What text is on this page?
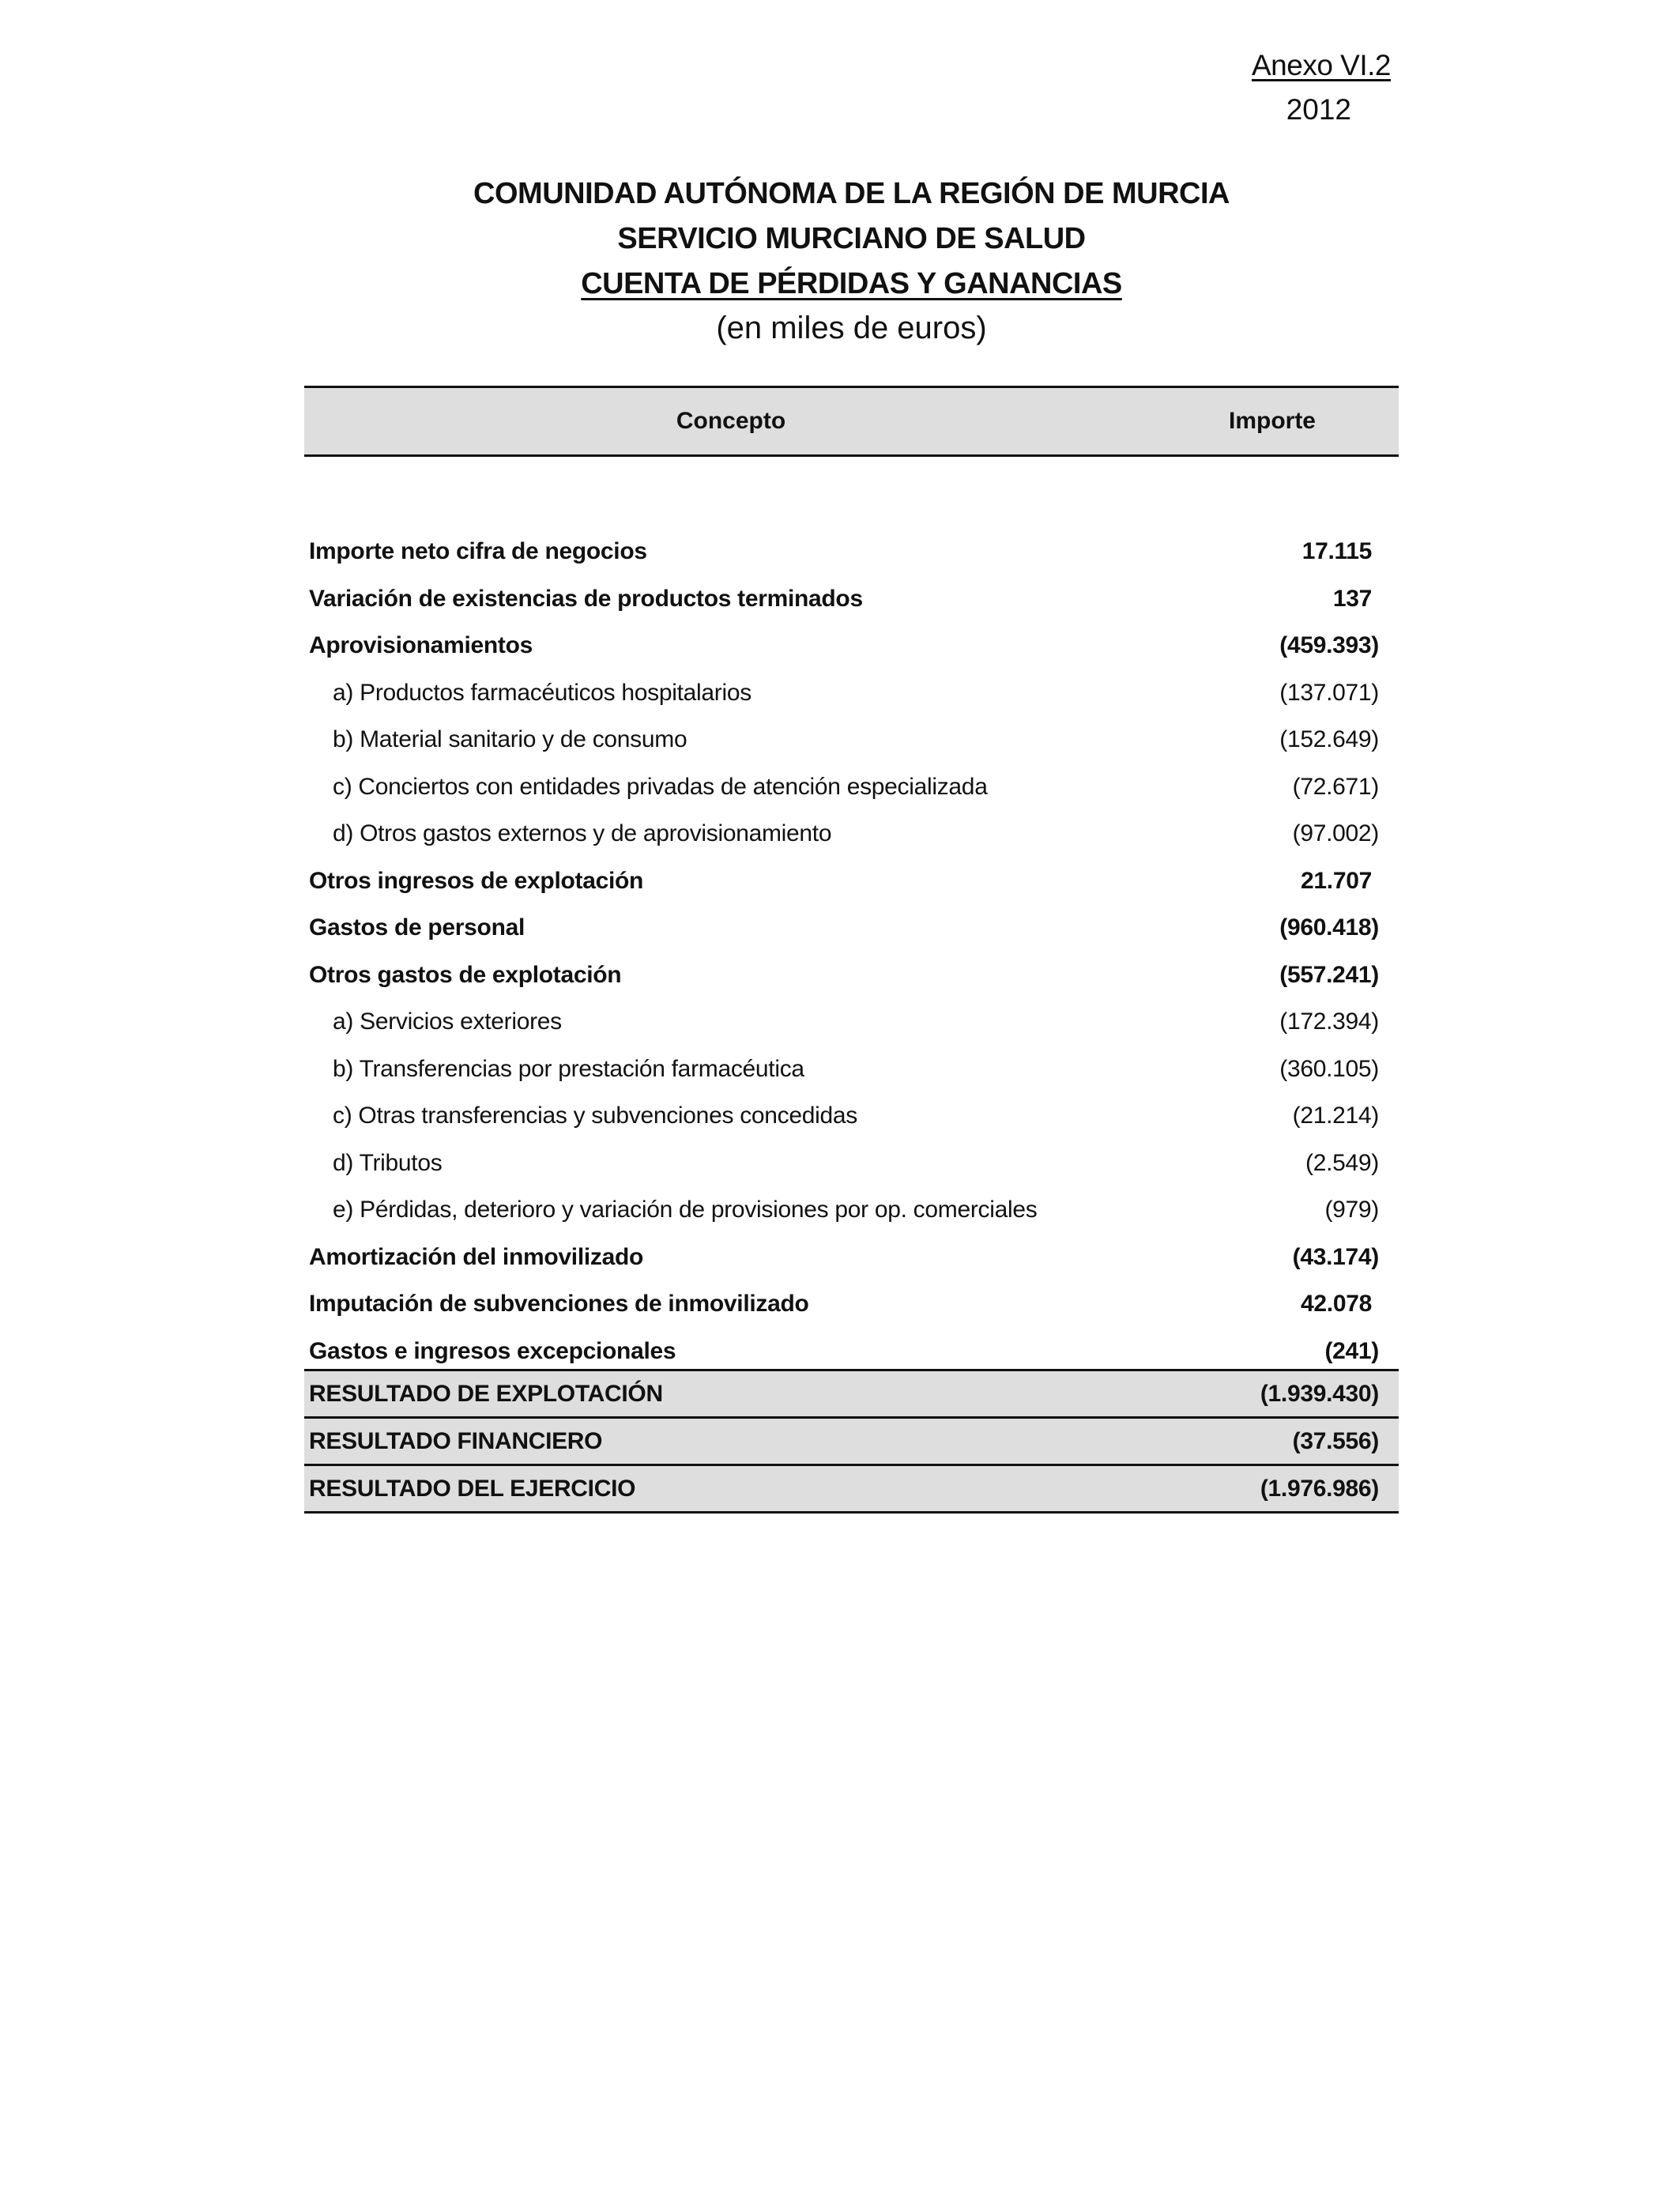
Anexo VI.2
2012
COMUNIDAD AUTÓNOMA DE LA REGIÓN DE MURCIA
SERVICIO MURCIANO DE SALUD
CUENTA DE PÉRDIDAS Y GANANCIAS
(en miles de euros)
Concepto	Importe
Importe neto cifra de negocios	17.115
Variación de existencias de productos terminados	137
Aprovisionamientos	(459.393)
a) Productos farmacéuticos hospitalarios	(137.071)
b) Material sanitario y de consumo	(152.649)
c) Conciertos con entidades privadas de atención especializada	(72.671)
d) Otros gastos externos y de aprovisionamiento	(97.002)
Otros ingresos de explotación	21.707
Gastos de personal	(960.418)
Otros gastos de explotación	(557.241)
a) Servicios exteriores	(172.394)
b) Transferencias por prestación farmacéutica	(360.105)
c) Otras transferencias y subvenciones concedidas	(21.214)
d) Tributos	(2.549)
e) Pérdidas, deterioro y variación de provisiones por op. comerciales	(979)
Amortización del inmovilizado	(43.174)
Imputación de subvenciones de inmovilizado	42.078
Gastos e ingresos excepcionales	(241)
RESULTADO DE EXPLOTACIÓN	(1.939.430)
RESULTADO FINANCIERO	(37.556)
RESULTADO DEL EJERCICIO	(1.976.986)
